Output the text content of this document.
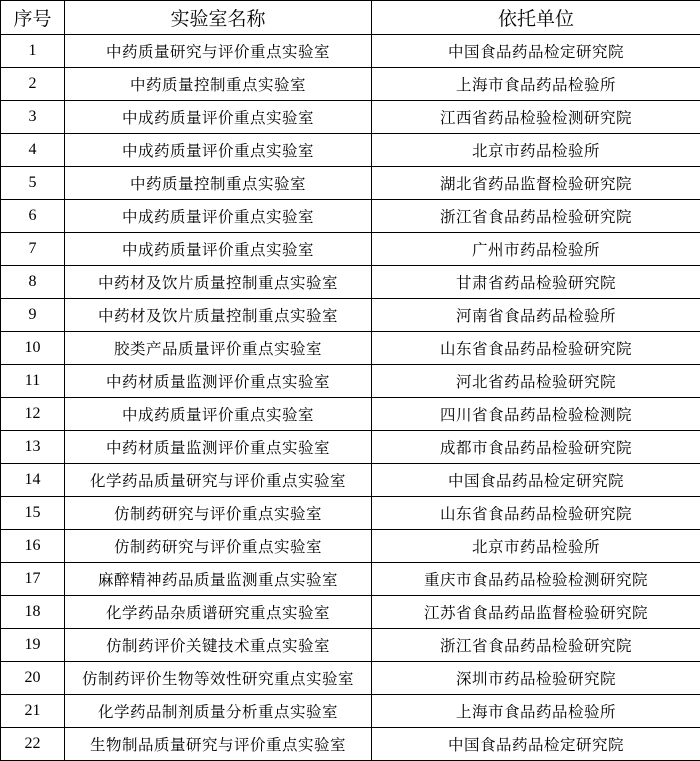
序号	实验室名称	依托单位
1	中药质量研究与评价重点实验室	中国食品药品检定研究院
2	中药质量控制重点实验室	上海市食品药品检验所
3	中成药质量评价重点实验室	江西省药品检验检测研究院
4	中成药质量评价重点实验室	北京市药品检验所
5	中药质量控制重点实验室	湖北省药品监督检验研究院
6	中成药质量评价重点实验室	浙江省食品药品检验研究院
7	中成药质量评价重点实验室	广州市药品检验所
8	中药材及饮片质量控制重点实验室	甘肃省药品检验研究院
9	中药材及饮片质量控制重点实验室	河南省食品药品检验所
10	胶类产品质量评价重点实验室	山东省食品药品检验研究院
11	中药材质量监测评价重点实验室	河北省药品检验研究院
12	中成药质量评价重点实验室	四川省食品药品检验检测院
13	中药材质量监测评价重点实验室	成都市食品药品检验研究院
14	化学药品质量研究与评价重点实验室	中国食品药品检定研究院
15	仿制药研究与评价重点实验室	山东省食品药品检验研究院
16	仿制药研究与评价重点实验室	北京市药品检验所
17	麻醉精神药品质量监测重点实验室	重庆市食品药品检验检测研究院
18	化学药品杂质谱研究重点实验室	江苏省食品药品监督检验研究院
19	仿制药评价关键技术重点实验室	浙江省食品药品检验研究院
20	仿制药评价生物等效性研究重点实验室	深圳市药品检验研究院
21	化学药品制剂质量分析重点实验室	上海市食品药品检验所
22	生物制品质量研究与评价重点实验室	中国食品药品检定研究院
